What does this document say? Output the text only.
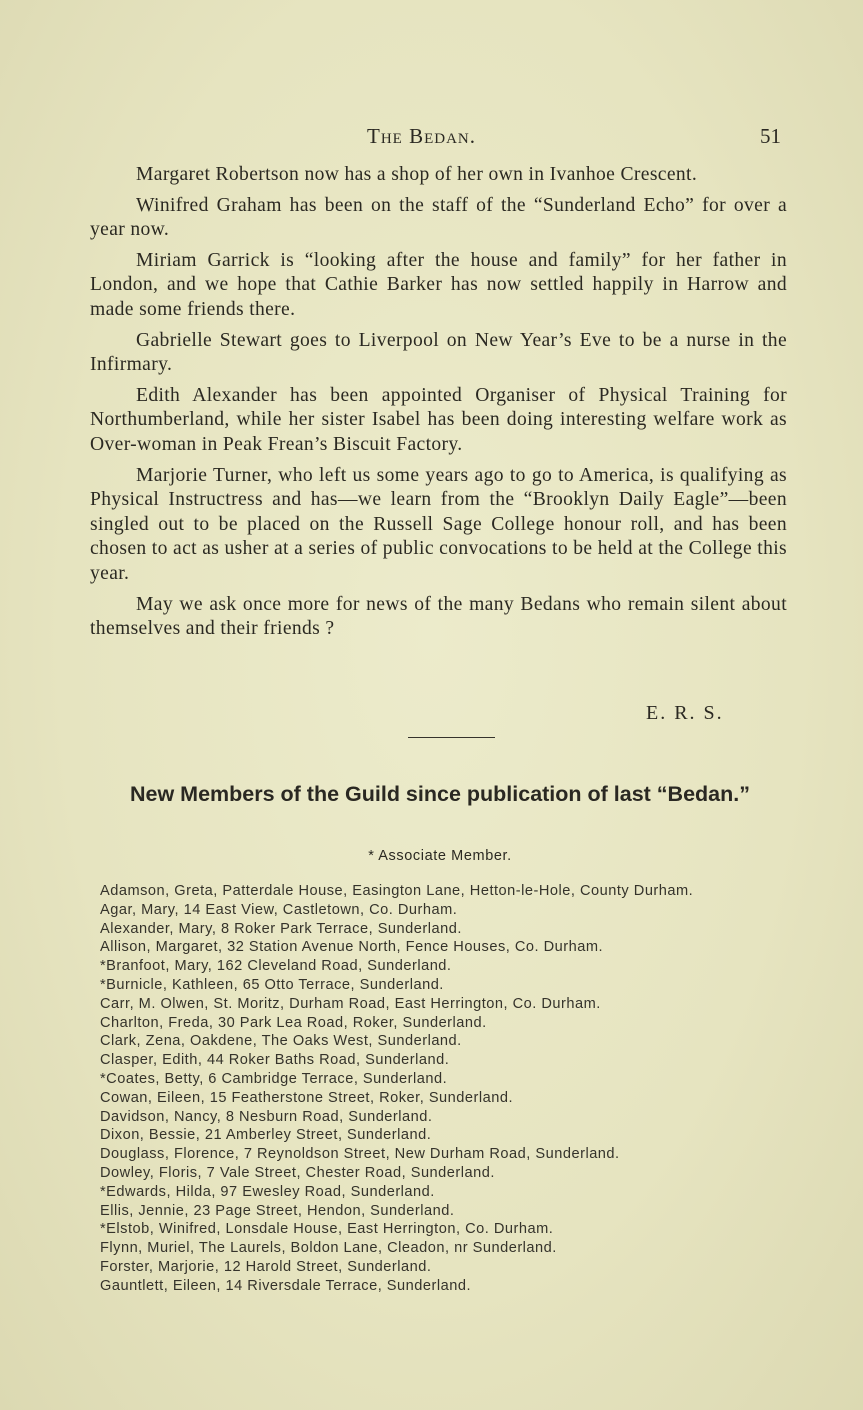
The Bedan.	51

Margaret Robertson now has a shop of her own in Ivanhoe Crescent.

Winifred Graham has been on the staff of the “Sunderland Echo” for over a year now.

Miriam Garrick is “looking after the house and family” for her father in London, and we hope that Cathie Barker has now settled happily in Harrow and made some friends there.

Gabrielle Stewart goes to Liverpool on New Year’s Eve to be a nurse in the Infirmary.

Edith Alexander has been appointed Organiser of Physical Training for Northumberland, while her sister Isabel has been doing interesting welfare work as Over-woman in Peak Frean’s Biscuit Factory.

Marjorie Turner, who left us some years ago to go to America, is qualifying as Physical Instructress and has—we learn from the “Brooklyn Daily Eagle”—been singled out to be placed on the Russell Sage College honour roll, and has been chosen to act as usher at a series of public convocations to be held at the College this year.

May we ask once more for news of the many Bedans who remain silent about themselves and their friends ?

E. R. S.
New Members of the Guild since publication of last “Bedan.”
* Associate Member.
Adamson, Greta, Patterdale House, Easington Lane, Hetton-le-Hole, County Durham.
Agar, Mary, 14 East View, Castletown, Co. Durham.
Alexander, Mary, 8 Roker Park Terrace, Sunderland.
Allison, Margaret, 32 Station Avenue North, Fence Houses, Co. Durham.
*Branfoot, Mary, 162 Cleveland Road, Sunderland.
*Burnicle, Kathleen, 65 Otto Terrace, Sunderland.
Carr, M. Olwen, St. Moritz, Durham Road, East Herrington, Co. Durham.
Charlton, Freda, 30 Park Lea Road, Roker, Sunderland.
Clark, Zena, Oakdene, The Oaks West, Sunderland.
Clasper, Edith, 44 Roker Baths Road, Sunderland.
*Coates, Betty, 6 Cambridge Terrace, Sunderland.
Cowan, Eileen, 15 Featherstone Street, Roker, Sunderland.
Davidson, Nancy, 8 Nesburn Road, Sunderland.
Dixon, Bessie, 21 Amberley Street, Sunderland.
Douglass, Florence, 7 Reynoldson Street, New Durham Road, Sunderland.
Dowley, Floris, 7 Vale Street, Chester Road, Sunderland.
*Edwards, Hilda, 97 Ewesley Road, Sunderland.
Ellis, Jennie, 23 Page Street, Hendon, Sunderland.
*Elstob, Winifred, Lonsdale House, East Herrington, Co. Durham.
Flynn, Muriel, The Laurels, Boldon Lane, Cleadon, nr Sunderland.
Forster, Marjorie, 12 Harold Street, Sunderland.
Gauntlett, Eileen, 14 Riversdale Terrace, Sunderland.
